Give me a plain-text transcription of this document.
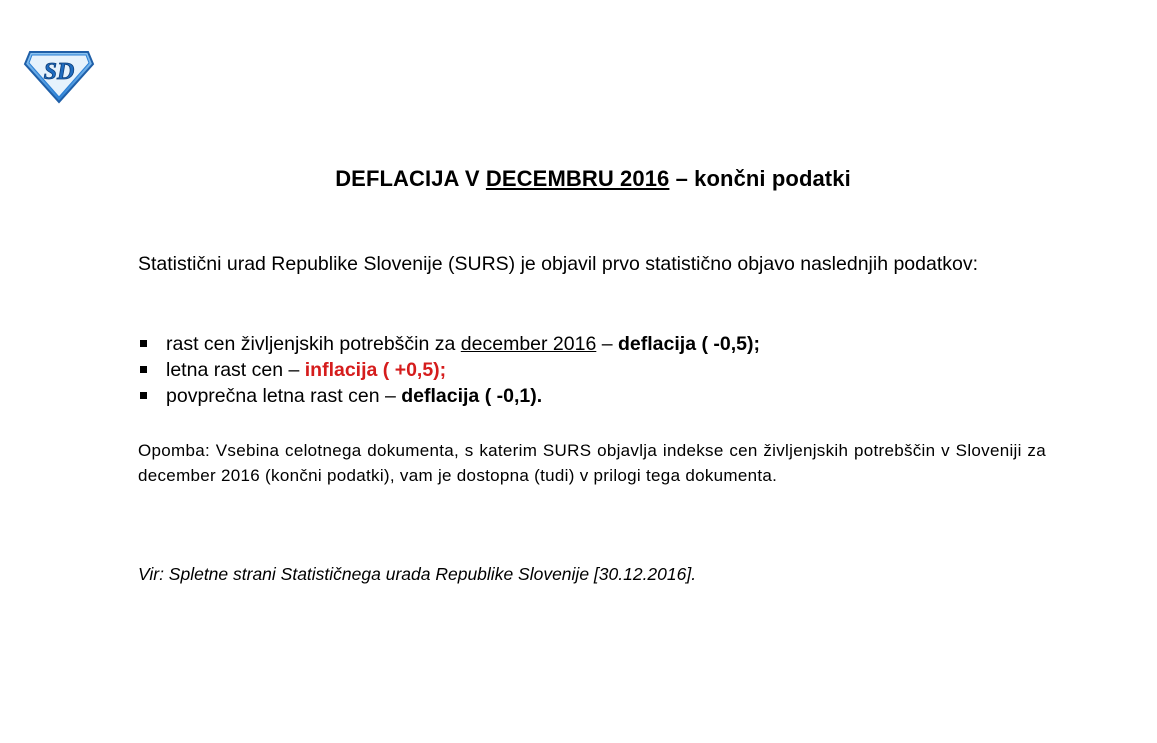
SD
DEFLACIJA V DECEMBRU 2016 – končni podatki
Statistični urad Republike Slovenije (SURS) je objavil prvo statistično objavo naslednjih podatkov:
rast cen življenjskih potrebščin za december 2016 – deflacija ( -0,5);
letna rast cen – inflacija ( +0,5);
povprečna letna rast cen – deflacija ( -0,1).
Opomba: Vsebina celotnega dokumenta, s katerim SURS objavlja indekse cen življenjskih potrebščin v Sloveniji za december 2016 (končni podatki), vam je dostopna (tudi) v prilogi tega dokumenta.
Vir: Spletne strani Statističnega urada Republike Slovenije [30.12.2016].
